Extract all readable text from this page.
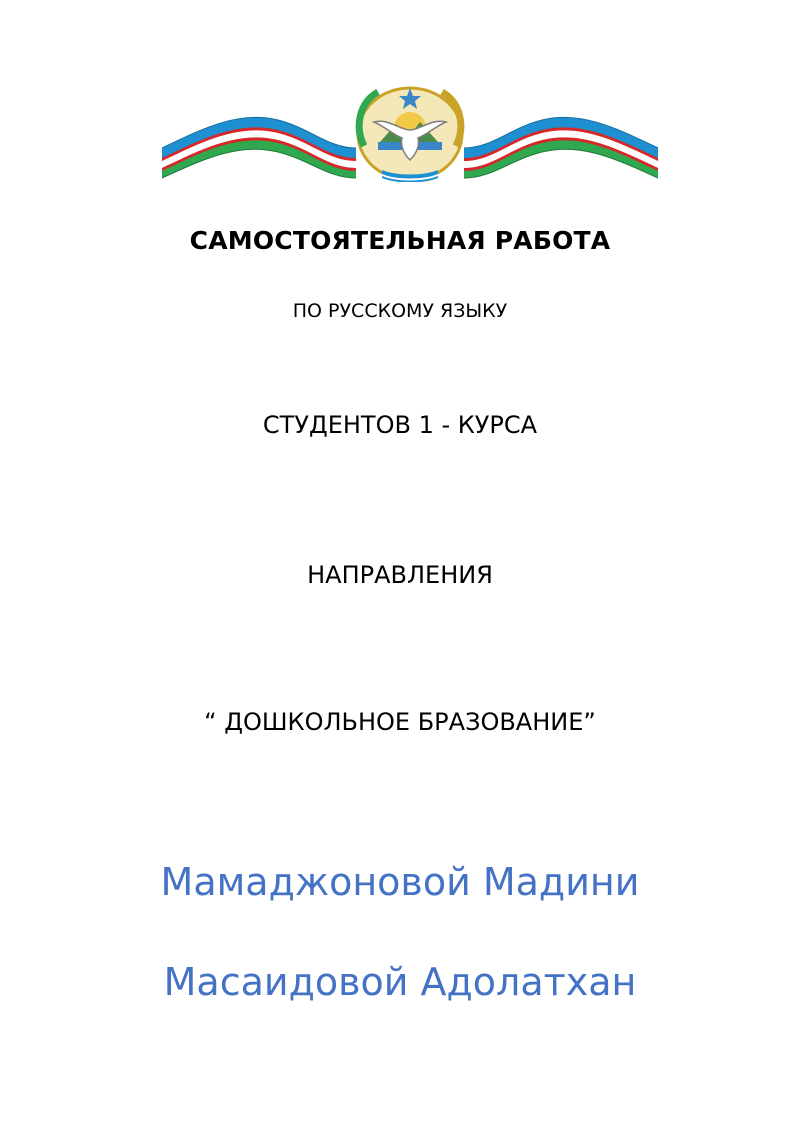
САМОСТОЯТЕЛЬНАЯ РАБОТА
ПО РУССКОМУ ЯЗЫКУ
СТУДЕНТОВ 1 - КУРСА
НАПРАВЛЕНИЯ
“ ДОШКОЛЬНОЕ БРАЗОВАНИЕ”
Мамаджоновой Мадини
Масаидовой Адолатхан
